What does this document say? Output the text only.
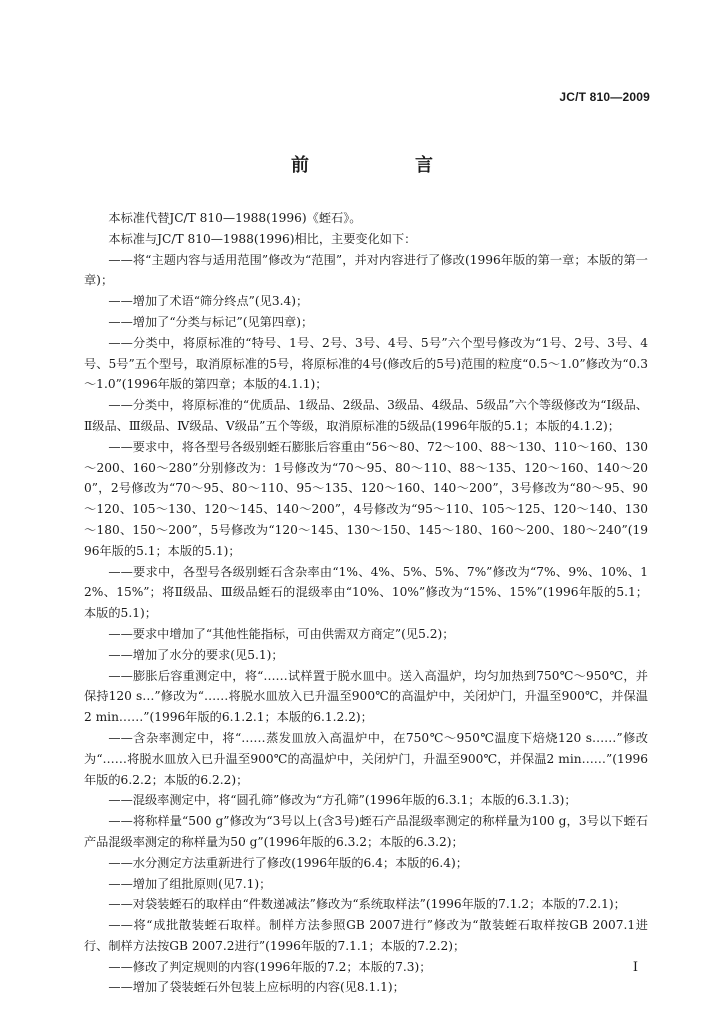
JC/T 810—2009
前　言

本标准代替JC/T 810—1988(1996)《蛭石》。

本标准与JC/T 810—1988(1996)相比，主要变化如下：

——将“主题内容与适用范围”修改为“范围”，并对内容进行了修改(1996年版的第一章；本版的第一章)；

——增加了术语“筛分终点”(见3.4)；

——增加了“分类与标记”(见第四章)；

——分类中，将原标准的“特号、1号、2号、3号、4号、5号”六个型号修改为“1号、2号、3号、4号、5号”五个型号，取消原标准的5号，将原标准的4号(修改后的5号)范围的粒度“0.5～1.0”修改为“0.3～1.0”(1996年版的第四章；本版的4.1.1)；

——分类中，将原标准的“优质品、1级品、2级品、3级品、4级品、5级品”六个等级修改为“Ⅰ级品、Ⅱ级品、Ⅲ级品、Ⅳ级品、Ⅴ级品”五个等级，取消原标准的5级品(1996年版的5.1；本版的4.1.2)；

——要求中，将各型号各级别蛭石膨胀后容重由“56～80、72～100、88～130、110～160、130～200、160～280”分别修改为：1号修改为“70～95、80～110、88～135、120～160、140～200”，2号修改为“70～95、80～110、95～135、120～160、140～200”，3号修改为“80～95、90～120、105～130、120～145、140～200”，4号修改为“95～110、105～125、120～140、130～180、150～200”，5号修改为“120～145、130～150、145～180、160～200、180～240”(1996年版的5.1；本版的5.1)；

——要求中，各型号各级别蛭石含杂率由“1%、4%、5%、5%、7%”修改为“7%、9%、10%、12%、15%”；将Ⅱ级品、Ⅲ级品蛭石的混级率由“10%、10%”修改为“15%、15%”(1996年版的5.1；本版的5.1)；

——要求中增加了“其他性能指标，可由供需双方商定”(见5.2)；

——增加了水分的要求(见5.1)；

——膨胀后容重测定中，将“……试样置于脱水皿中。送入高温炉，均匀加热到750℃～950℃，并保持120 s…”修改为“……将脱水皿放入已升温至900℃的高温炉中，关闭炉门，升温至900℃，并保温2 min……”(1996年版的6.1.2.1；本版的6.1.2.2)；

——含杂率测定中，将“……蒸发皿放入高温炉中，在750℃～950℃温度下焙烧120 s……”修改为“……将脱水皿放入已升温至900℃的高温炉中，关闭炉门，升温至900℃，并保温2 min……”(1996年版的6.2.2；本版的6.2.2)；

——混级率测定中，将“圆孔筛”修改为“方孔筛”(1996年版的6.3.1；本版的6.3.1.3)；

——将称样量“500 g”修改为“3号以上(含3号)蛭石产品混级率测定的称样量为100 g，3号以下蛭石产品混级率测定的称样量为50 g”(1996年版的6.3.2；本版的6.3.2)；

——水分测定方法重新进行了修改(1996年版的6.4；本版的6.4)；

——增加了组批原则(见7.1)；

——对袋装蛭石的取样由“件数递减法”修改为“系统取样法”(1996年版的7.1.2；本版的7.2.1)；

——将“成批散装蛭石取样。制样方法参照GB 2007进行”修改为“散装蛭石取样按GB 2007.1进行、制样方法按GB 2007.2进行”(1996年版的7.1.1；本版的7.2.2)；

——修改了判定规则的内容(1996年版的7.2；本版的7.3)；

——增加了袋装蛭石外包装上应标明的内容(见8.1.1)；

I
